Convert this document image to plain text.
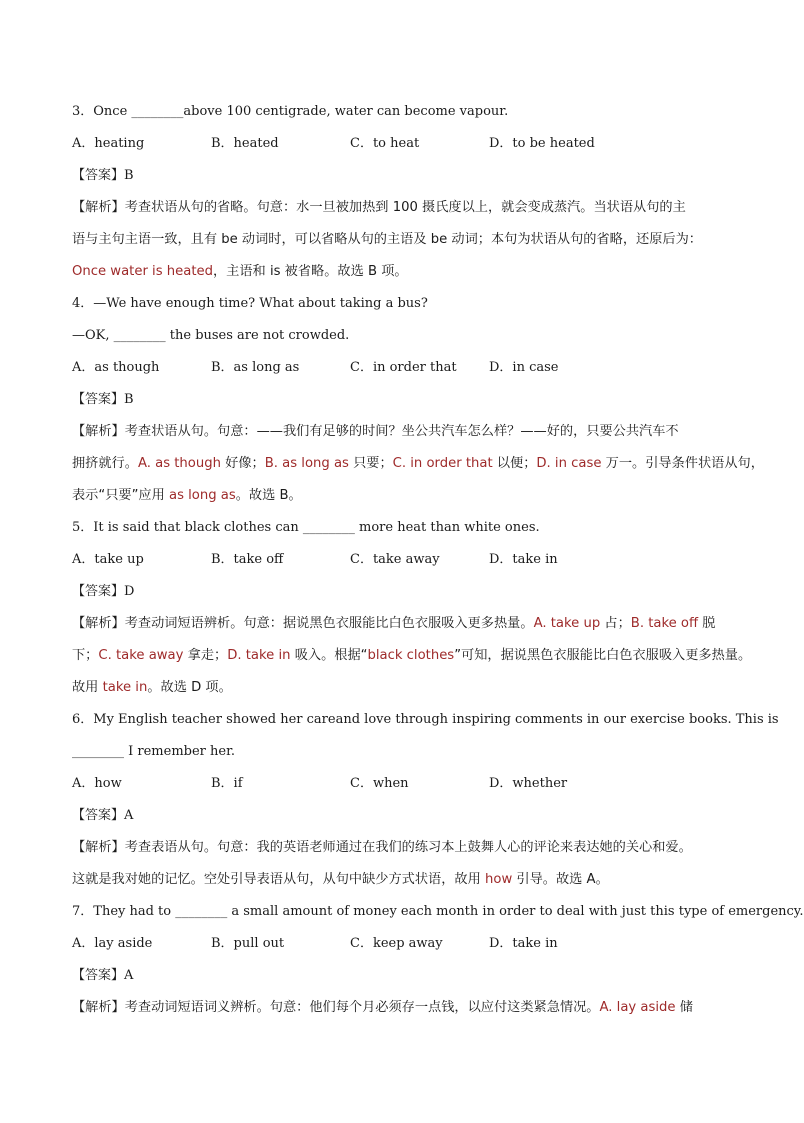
3．Once ________above 100 centigrade, water can become vapour.
A．heating	B．heated	C．to heat	D．to be heated
【答案】B
【解析】考查状语从句的省略。句意：水一旦被加热到 100 摄氏度以上，就会变成蒸汽。当状语从句的主
语与主句主语一致，且有 be 动词时，可以省略从句的主语及 be 动词；本句为状语从句的省略，还原后为：
Once water is heated，主语和 is 被省略。故选 B 项。
4．—We have enough time? What about taking a bus?
—OK, ________ the buses are not crowded.
A．as though	B．as long as	C．in order that	D．in case
【答案】B
【解析】考查状语从句。句意：——我们有足够的时间？坐公共汽车怎么样？——好的，只要公共汽车不
拥挤就行。A. as though 好像；B. as long as 只要；C. in order that 以便；D. in case 万一。引导条件状语从句，
表示“只要”应用 as long as。故选 B。
5．It is said that black clothes can ________ more heat than white ones.
A．take up	B．take off	C．take away	D．take in
【答案】D
【解析】考查动词短语辨析。句意：据说黑色衣服能比白色衣服吸入更多热量。A. take up 占；B. take off 脱
下；C. take away 拿走；D. take in 吸入。根据“black clothes”可知，据说黑色衣服能比白色衣服吸入更多热量。
故用 take in。故选 D 项。
6．My English teacher showed her careand love through inspiring comments in our exercise books. This is
________ I remember her.
A．how	B．if	C．when	D．whether
【答案】A
【解析】考查表语从句。句意：我的英语老师通过在我们的练习本上鼓舞人心的评论来表达她的关心和爱。
这就是我对她的记忆。空处引导表语从句，从句中缺少方式状语，故用 how 引导。故选 A。
7．They had to ________ a small amount of money each month in order to deal with just this type of emergency.
A．lay aside	B．pull out	C．keep away	D．take in
【答案】A
【解析】考查动词短语词义辨析。句意：他们每个月必须存一点钱，以应付这类紧急情况。A. lay aside 储
